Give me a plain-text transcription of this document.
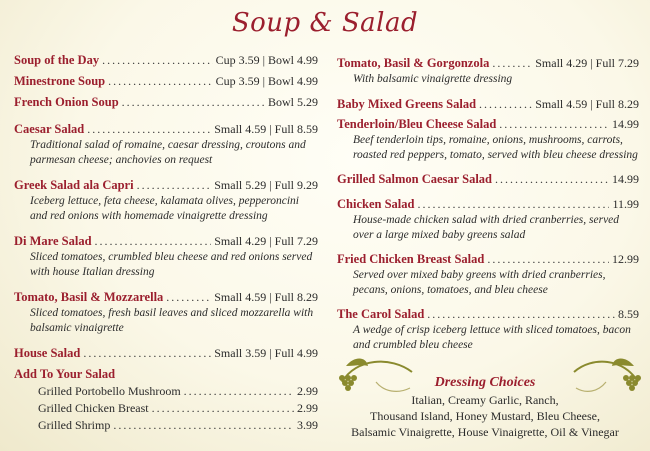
Soup & Salad
Soup of the Day .....	Cup 3.59 | Bowl 4.99
Minestrone Soup .....	Cup 3.59 | Bowl 4.99
French Onion Soup .....	Bowl 5.29
Caesar Salad .....	Small 4.59 | Full 8.59
Traditional salad of romaine, caesar dressing, croutons and parmesan cheese; anchovies on request
Greek Salad ala Capri .....	Small 5.29 | Full 9.29
Iceberg lettuce, feta cheese, kalamata olives, pepperoncini and red onions with homemade vinaigrette dressing
Di Mare Salad .....	Small 4.29 | Full 7.29
Sliced tomatoes, crumbled bleu cheese and red onions served with house Italian dressing
Tomato, Basil & Mozzarella .....	Small 4.59 | Full 8.29
Sliced tomatoes, fresh basil leaves and sliced mozzarella with balsamic vinaigrette
House Salad .....	Small 3.59 | Full 4.99
Add To Your Salad
Grilled Portobello Mushroom .....	2.99
Grilled Chicken Breast .....	2.99
Grilled Shrimp .....	3.99
Tomato, Basil & Gorgonzola .....	Small 4.29 | Full 7.29
With balsamic vinaigrette dressing
Baby Mixed Greens Salad .....	Small 4.59 | Full 8.29
Tenderloin/Bleu Cheese Salad .....	14.99
Beef tenderloin tips, romaine, onions, mushrooms, carrots, roasted red peppers, tomato, served with bleu cheese dressing
Grilled Salmon Caesar Salad .....	14.99
Chicken Salad .....	11.99
House-made chicken salad with dried cranberries, served over a large mixed baby greens salad
Fried Chicken Breast Salad .....	12.99
Served over mixed baby greens with dried cranberries, pecans, onions, tomatoes, and bleu cheese
The Carol Salad .....	8.59
A wedge of crisp iceberg lettuce with sliced tomatoes, bacon and crumbled bleu cheese
Dressing Choices
Italian, Creamy Garlic, Ranch,
Thousand Island, Honey Mustard, Bleu Cheese,
Balsamic Vinaigrette, House Vinaigrette, Oil & Vinegar
